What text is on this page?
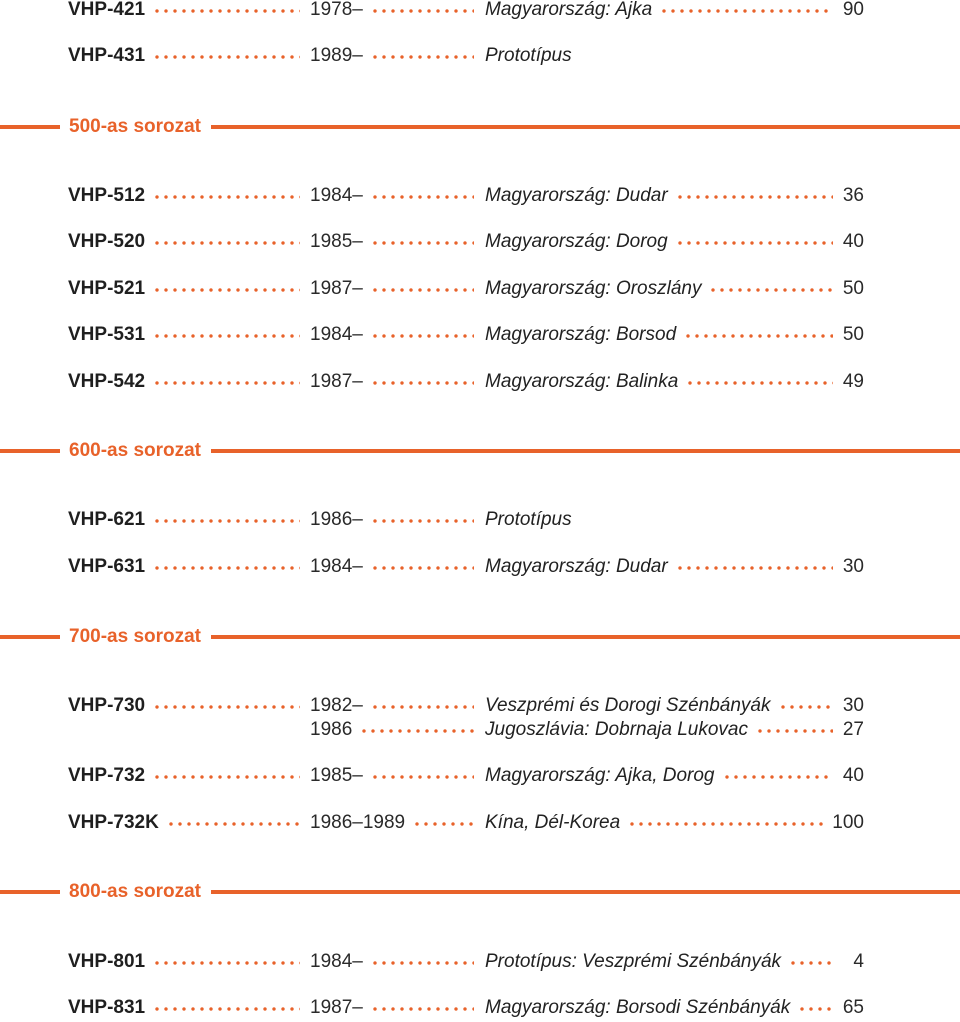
VHP-421	1978–	Magyarország: Ajka	90
VHP-431	1989–	Prototípus
500-as sorozat
VHP-512	1984–	Magyarország: Dudar	36
VHP-520	1985–	Magyarország: Dorog	40
VHP-521	1987–	Magyarország: Oroszlány	50
VHP-531	1984–	Magyarország: Borsod	50
VHP-542	1987–	Magyarország: Balinka	49
600-as sorozat
VHP-621	1986–	Prototípus
VHP-631	1984–	Magyarország: Dudar	30
700-as sorozat
VHP-730	1982–	Veszprémi és Dorogi Szénbányák	30
1986	Jugoszlávia: Dobrnaja Lukovac	27
VHP-732	1985–	Magyarország: Ajka, Dorog	40
VHP-732K	1986–1989	Kína, Dél-Korea	100
800-as sorozat
VHP-801	1984–	Prototípus: Veszprémi Szénbányák	4
VHP-831	1987–	Magyarország: Borsodi Szénbányák	65
